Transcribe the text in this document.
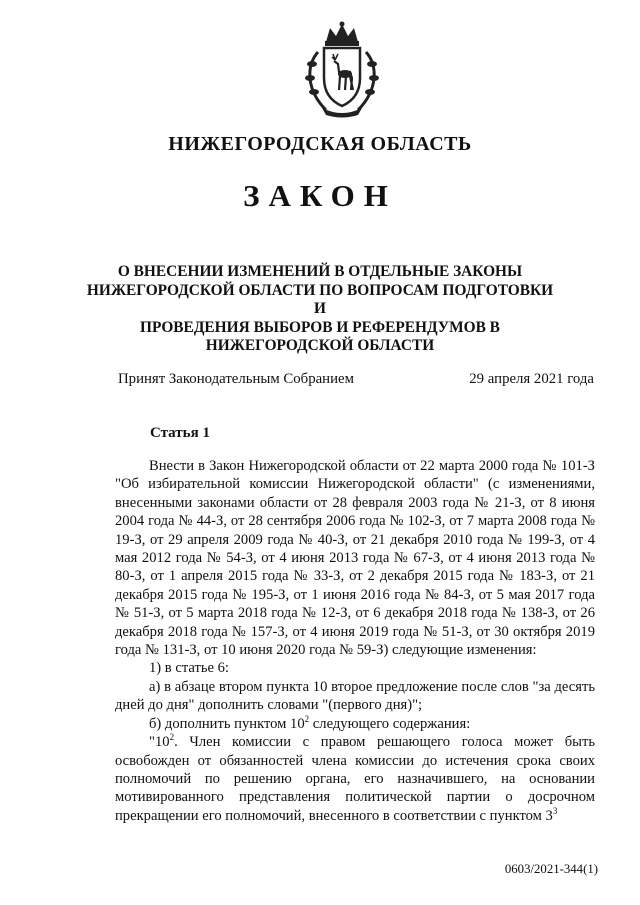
НИЖЕГОРОДСКАЯ ОБЛАСТЬ
ЗАКОН
О ВНЕСЕНИИ ИЗМЕНЕНИЙ В ОТДЕЛЬНЫЕ ЗАКОНЫ
НИЖЕГОРОДСКОЙ ОБЛАСТИ ПО ВОПРОСАМ ПОДГОТОВКИ И
ПРОВЕДЕНИЯ ВЫБОРОВ И РЕФЕРЕНДУМОВ В
НИЖЕГОРОДСКОЙ ОБЛАСТИ
Принят Законодательным Собранием	29 апреля 2021 года
Статья 1

Внести в Закон Нижегородской области от 22 марта 2000 года № 101-З "Об избирательной комиссии Нижегородской области" (с изменениями, внесенными законами области от 28 февраля 2003 года № 21-З, от 8 июня 2004 года № 44-З, от 28 сентября 2006 года № 102-З, от 7 марта 2008 года № 19-З, от 29 апреля 2009 года № 40-З, от 21 декабря 2010 года № 199-З, от 4 мая 2012 года № 54-З, от 4 июня 2013 года № 67-З, от 4 июня 2013 года № 80-З, от 1 апреля 2015 года № 33-З, от 2 декабря 2015 года № 183-З, от 21 декабря 2015 года № 195-З, от 1 июня 2016 года № 84-З, от 5 мая 2017 года № 51-З, от 5 марта 2018 года № 12-З, от 6 декабря 2018 года № 138-З, от 26 декабря 2018 года № 157-З, от 4 июня 2019 года № 51-З, от 30 октября 2019 года № 131-З, от 10 июня 2020 года № 59-З) следующие изменения:

1) в статье 6:

а) в абзаце втором пункта 10 второе предложение после слов "за десять дней до дня" дополнить словами "(первого дня)";

б) дополнить пунктом $10^2$ следующего содержания:

"$10^2$. Член комиссии с правом решающего голоса может быть освобожден от обязанностей члена комиссии до истечения срока своих полномочий по решению органа, его назначившего, на основании мотивированного представления политической партии о досрочном прекращении его полномочий, внесенного в соответствии с пунктом $3^3$

0603/2021-344(1)
